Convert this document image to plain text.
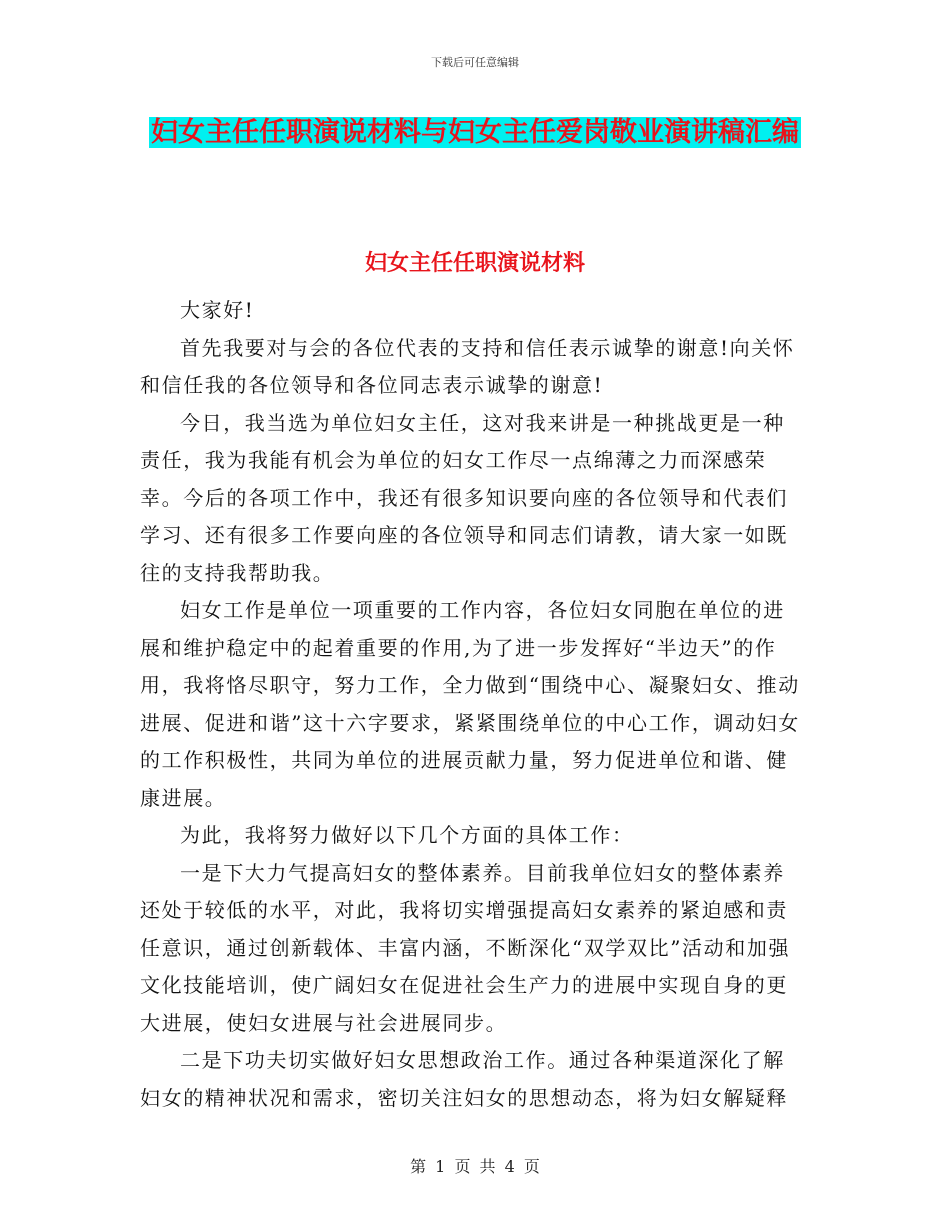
下载后可任意编辑
妇女主任任职演说材料与妇女主任爱岗敬业演讲稿汇编
妇女主任任职演说材料

大家好!

首先我要对与会的各位代表的支持和信任表示诚挚的谢意!向关怀和信任我的各位领导和各位同志表示诚挚的谢意!

今日，我当选为单位妇女主任，这对我来讲是一种挑战更是一种责任，我为我能有机会为单位的妇女工作尽一点绵薄之力而深感荣幸。今后的各项工作中，我还有很多知识要向座的各位领导和代表们学习、还有很多工作要向座的各位领导和同志们请教，请大家一如既往的支持我帮助我。

妇女工作是单位一项重要的工作内容，各位妇女同胞在单位的进展和维护稳定中的起着重要的作用,为了进一步发挥好“半边天”的作用，我将恪尽职守，努力工作，全力做到“围绕中心、凝聚妇女、推动进展、促进和谐”这十六字要求，紧紧围绕单位的中心工作，调动妇女的工作积极性，共同为单位的进展贡献力量，努力促进单位和谐、健康进展。

为此，我将努力做好以下几个方面的具体工作：

一是下大力气提高妇女的整体素养。目前我单位妇女的整体素养还处于较低的水平，对此，我将切实增强提高妇女素养的紧迫感和责任意识，通过创新载体、丰富内涵，不断深化“双学双比”活动和加强文化技能培训，使广阔妇女在促进社会生产力的进展中实现自身的更大进展，使妇女进展与社会进展同步。

二是下功夫切实做好妇女思想政治工作。通过各种渠道深化了解妇女的精神状况和需求，密切关注妇女的思想动态，将为妇女解疑释

第 1 页 共 4 页
